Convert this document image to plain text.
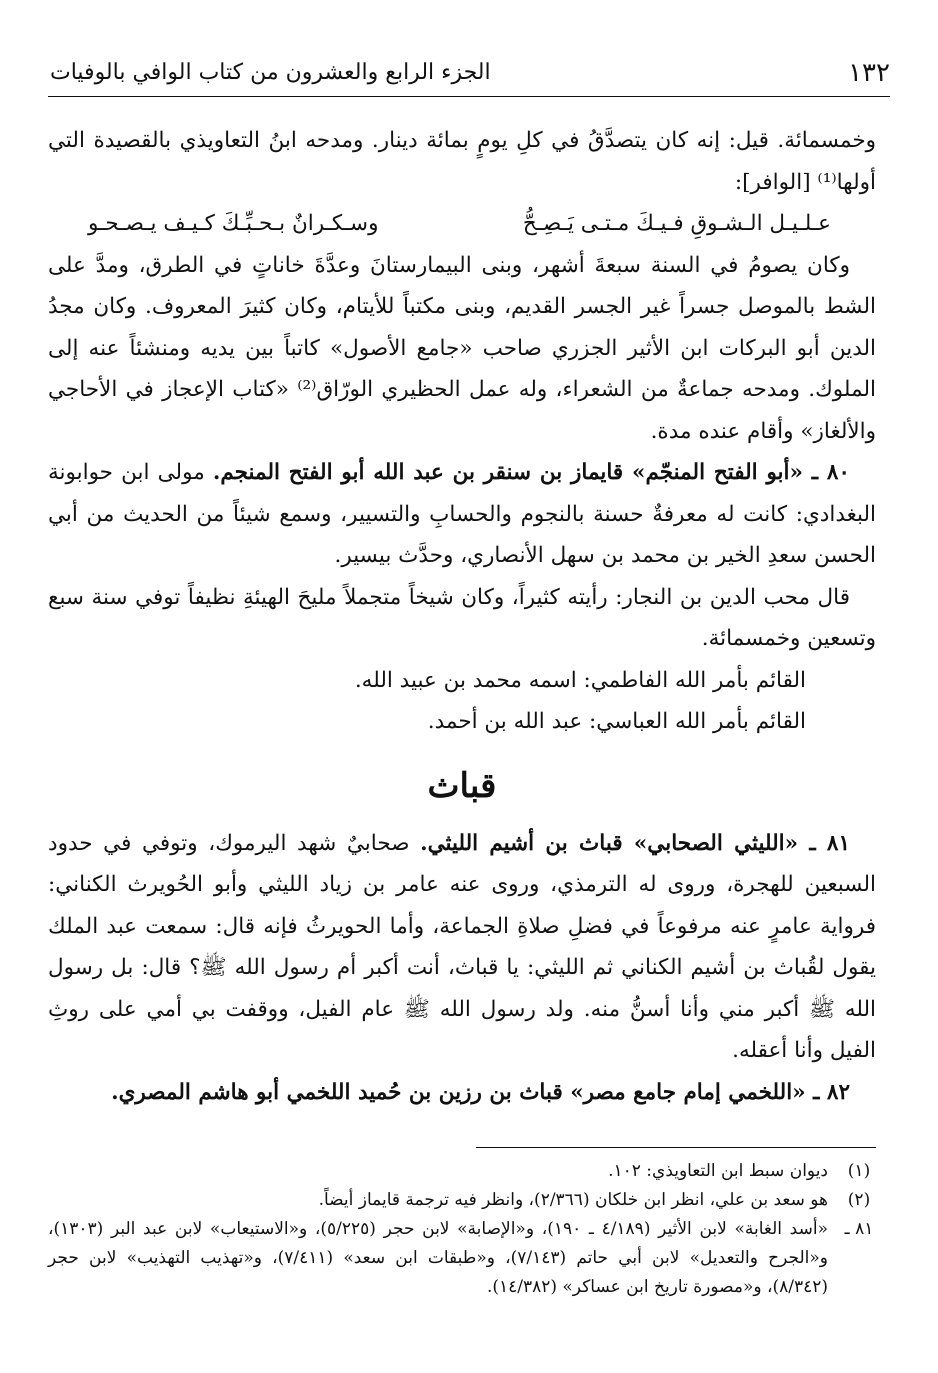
١٣٢
الجزء الرابع والعشرون من كتاب الوافي بالوفيات

وخمسمائة. قيل: إنه كان يتصدَّقُ في كلِ يومٍ بمائة دينار. ومدحه ابنُ التعاويذي بالقصيدة التي أولها⁽¹⁾ [الوافر]:

عـلـيـل الـشـوقِ فـيـكَ مـتـى يَـصِـحُّ
وسـكـرانٌ بـحـبِّـكَ كـيـف يـصـحـو

وكان يصومُ في السنة سبعةَ أشهر، وبنى البيمارستانَ وعدَّةَ خاناتٍ في الطرق، ومدَّ على الشط بالموصل جسراً غير الجسر القديم، وبنى مكتباً للأيتام، وكان كثيرَ المعروف. وكان مجدُ الدين أبو البركات ابن الأثير الجزري صاحب «جامع الأصول» كاتباً بين يديه ومنشئاً عنه إلى الملوك. ومدحه جماعةٌ من الشعراء، وله عمل الحظيري الورّاق⁽²⁾ «كتاب الإعجاز في الأحاجي والألغاز» وأقام عنده مدة.

٨٠ ـ «أبو الفتح المنجّم» قايماز بن سنقر بن عبد الله أبو الفتح المنجم. مولى ابن حوابونة البغدادي: كانت له معرفةٌ حسنة بالنجوم والحسابِ والتسيير، وسمع شيئاً من الحديث من أبي الحسن سعدِ الخير بن محمد بن سهل الأنصاري، وحدَّث بيسير.

قال محب الدين بن النجار: رأيته كثيراً، وكان شيخاً متجملاً مليحَ الهيئةِ نظيفاً توفي سنة سبع وتسعين وخمسمائة.

القائم بأمر الله الفاطمي: اسمه محمد بن عبيد الله.

القائم بأمر الله العباسي: عبد الله بن أحمد.

قباث

٨١ ـ «الليثي الصحابي» قباث بن أشيم الليثي. صحابيٌ شهد اليرموك، وتوفي في حدود السبعين للهجرة، وروى له الترمذي، وروى عنه عامر بن زياد الليثي وأبو الحُويرث الكناني: فرواية عامرٍ عنه مرفوعاً في فضلِ صلاةِ الجماعة، وأما الحويرثُ فإنه قال: سمعت عبد الملك يقول لقُباث بن أشيم الكناني ثم الليثي: يا قباث، أنت أكبر أم رسول الله ﷺ؟ قال: بل رسول الله ﷺ أكبر مني وأنا أسنُّ منه. ولد رسول الله ﷺ عام الفيل، ووقفت بي أمي على روثِ الفيل وأنا أعقله.

٨٢ ـ «اللخمي إمام جامع مصر» قباث بن رزين بن حُميد اللخمي أبو هاشم المصري.

(١)
ديوان سبط ابن التعاويذي: ١٠٢.
(٢)
هو سعد بن علي، انظر ابن خلكان (٢/٣٦٦)، وانظر فيه ترجمة قايماز أيضاً.
٨١ ـ
«أسد الغابة» لابن الأثير (٤/١٨٩ ـ ١٩٠)، و«الإصابة» لابن حجر (٥/٢٢٥)، و«الاستيعاب» لابن عبد البر (١٣٠٣)، و«الجرح والتعديل» لابن أبي حاتم (٧/١٤٣)، و«طبقات ابن سعد» (٧/٤١١)، و«تهذيب التهذيب» لابن حجر (٨/٣٤٢)، و«مصورة تاريخ ابن عساكر» (١٤/٣٨٢).
